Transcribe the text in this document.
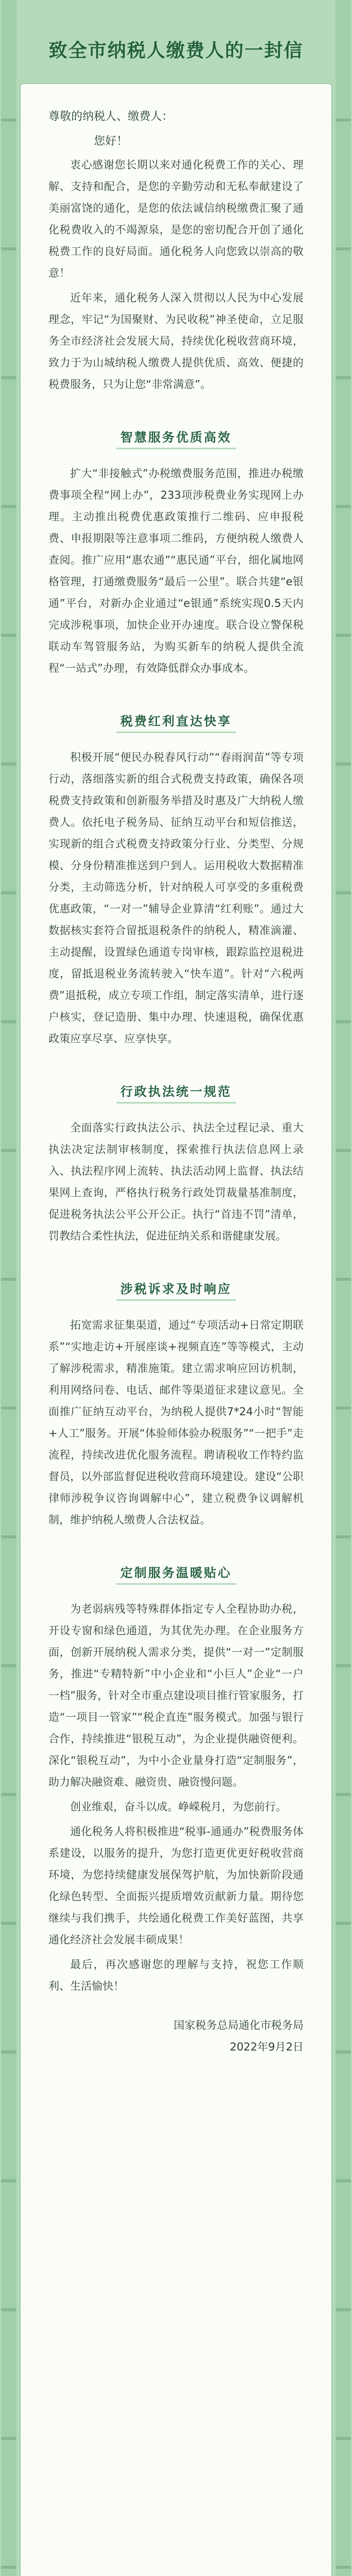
致全市纳税人缴费人的一封信

尊敬的纳税人、缴费人：

您好！

衷心感谢您长期以来对通化税费工作的关心、理解、支持和配合，是您的辛勤劳动和无私奉献建设了美丽富饶的通化，是您的依法诚信纳税缴费汇聚了通化税费收入的不竭源泉，是您的密切配合开创了通化税费工作的良好局面。通化税务人向您致以崇高的敬意！

近年来，通化税务人深入贯彻以人民为中心发展理念，牢记“为国聚财、为民收税”神圣使命，立足服务全市经济社会发展大局，持续优化税收营商环境，致力于为山城纳税人缴费人提供优质、高效、便捷的税费服务，只为让您“非常满意”。

智慧服务优质高效

扩大“非接触式”办税缴费服务范围，推进办税缴费事项全程“网上办”，233项涉税费业务实现网上办理。主动推出税费优惠政策推行二维码、应申报税费、申报期限等注意事项二维码，方便纳税人缴费人查阅。推广应用“惠农通”“惠民通”平台，细化属地网格管理，打通缴费服务“最后一公里”。联合共建“e银通”平台，对新办企业通过“e银通”系统实现0.5天内完成涉税事项，加快企业开办速度。联合设立警保税联动车驾管服务站，为购买新车的纳税人提供全流程“一站式”办理，有效降低群众办事成本。

税费红利直达快享

积极开展“便民办税春风行动”“春雨润苗”等专项行动，落细落实新的组合式税费支持政策，确保各项税费支持政策和创新服务举措及时惠及广大纳税人缴费人。依托电子税务局、征纳互动平台和短信推送，实现新的组合式税费支持政策分行业、分类型、分规模、分身份精准推送到户到人。运用税收大数据精准分类，主动筛选分析，针对纳税人可享受的多重税费优惠政策，“一对一”辅导企业算清“红利账”。通过大数据核实套符合留抵退税条件的纳税人，精准滴灌、主动提醒，设置绿色通道专岗审核，跟踪监控退税进度，留抵退税业务流转驶入“快车道”。针对“六税两费”退抵税，成立专项工作组，制定落实清单，进行逐户核实，登记造册、集中办理、快速退税，确保优惠政策应享尽享、应享快享。

行政执法统一规范

全面落实行政执法公示、执法全过程记录、重大执法决定法制审核制度，探索推行执法信息网上录入、执法程序网上流转、执法活动网上监督、执法结果网上查询，严格执行税务行政处罚裁量基准制度，促进税务执法公平公开公正。执行“首违不罚”清单，罚教结合柔性执法，促进征纳关系和谐健康发展。

涉税诉求及时响应

拓宽需求征集渠道，通过“专项活动+日常定期联系”“实地走访+开展座谈+视频直连”等等模式，主动了解涉税需求，精准施策。建立需求响应回访机制，利用网络问卷、电话、邮件等渠道征求建议意见。全面推广征纳互动平台，为纳税人提供7*24小时“智能+人工”服务。开展“体验师体验办税服务”“一把手”走流程，持续改进优化服务流程。聘请税收工作特约监督员，以外部监督促进税收营商环境建设。建设“公职律师涉税争议咨询调解中心”，建立税费争议调解机制，维护纳税人缴费人合法权益。

定制服务温暖贴心

为老弱病残等特殊群体指定专人全程协助办税，开设专窗和绿色通道，为其优先办理。在企业服务方面，创新开展纳税人需求分类，提供“一对一”定制服务，推进“专精特新”中小企业和“小巨人”企业“一户一档”服务，针对全市重点建设项目推行管家服务，打造“一项目一管家”“税企直连”服务模式。加强与银行合作，持续推进“银税互动”，为企业提供融资便利。深化“银税互动”，为中小企业量身打造“定制服务”，助力解决融资难、融资贵、融资慢问题。

创业维艰，奋斗以成。峥嵘税月，为您前行。

通化税务人将积极推进“税事-通通办”税费服务体系建设，以服务的提升，为您打造更优更好税收营商环境，为您持续健康发展保驾护航，为加快新阶段通化绿色转型、全面振兴提质增效贡献新力量。期待您继续与我们携手，共绘通化税费工作美好蓝图，共享通化经济社会发展丰硕成果！

最后，再次感谢您的理解与支持，祝您工作顺利、生活愉快！

国家税务总局通化市税务局

2022年9月2日
